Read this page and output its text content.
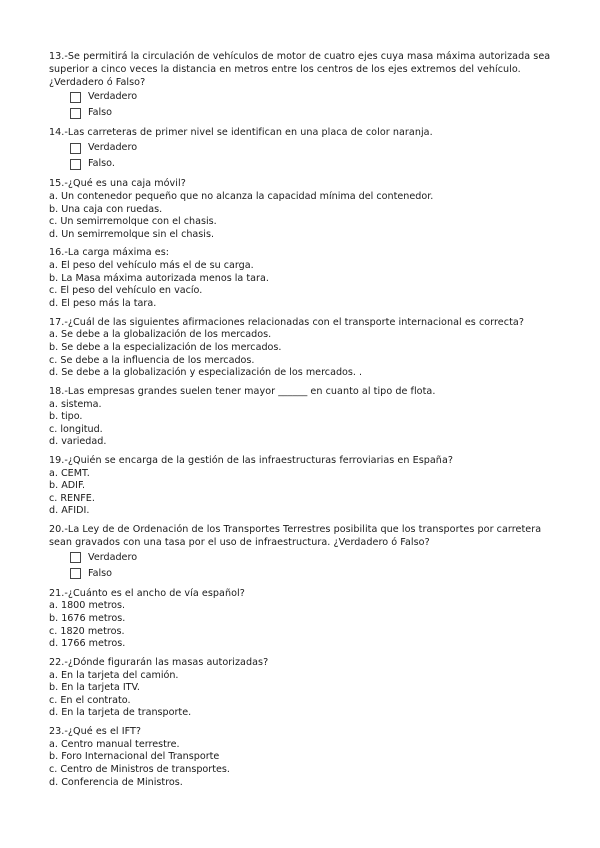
13.-Se permitirá la circulación de vehículos de motor de cuatro ejes cuya masa máxima autorizada sea superior a cinco veces la distancia en metros entre los centros de los ejes extremos del vehículo. ¿Verdadero ó Falso?

Verdadero
Falso

14.-Las carreteras de primer nivel se identifican en una placa de color naranja.

Verdadero
Falso.

15.-¿Qué es una caja móvil?

a. Un contenedor pequeño que no alcanza la capacidad mínima del contenedor.

b. Una caja con ruedas.

c. Un semirremolque con el chasis.

d. Un semirremolque sin el chasis.

16.-La carga máxima es:

a. El peso del vehículo más el de su carga.

b. La Masa máxima autorizada menos la tara.

c. El peso del vehículo en vacío.

d. El peso más la tara.

17.-¿Cuál de las siguientes afirmaciones relacionadas con el transporte internacional es correcta?

a. Se debe a la globalización de los mercados.

b. Se debe a la especialización de los mercados.

c. Se debe a la influencia de los mercados.

d. Se debe a la globalización y especialización de los mercados. .

18.-Las empresas grandes suelen tener mayor ______ en cuanto al tipo de flota.

a. sistema.

b. tipo.

c. longitud.

d. variedad.

19.-¿Quién se encarga de la gestión de las infraestructuras ferroviarias en España?

a. CEMT.

b. ADIF.

c. RENFE.

d. AFIDI.

20.-La Ley de de Ordenación de los Transportes Terrestres posibilita que los transportes por carretera sean gravados con una tasa por el uso de infraestructura. ¿Verdadero ó Falso?

Verdadero
Falso

21.-¿Cuánto es el ancho de vía español?

a. 1800 metros.

b. 1676 metros.

c. 1820 metros.

d. 1766 metros.

22.-¿Dónde figurarán las masas autorizadas?

a. En la tarjeta del camión.

b. En la tarjeta ITV.

c. En el contrato.

d. En la tarjeta de transporte.

23.-¿Qué es el IFT?

a. Centro manual terrestre.

b. Foro Internacional del Transporte

c. Centro de Ministros de transportes.

d. Conferencia de Ministros.
